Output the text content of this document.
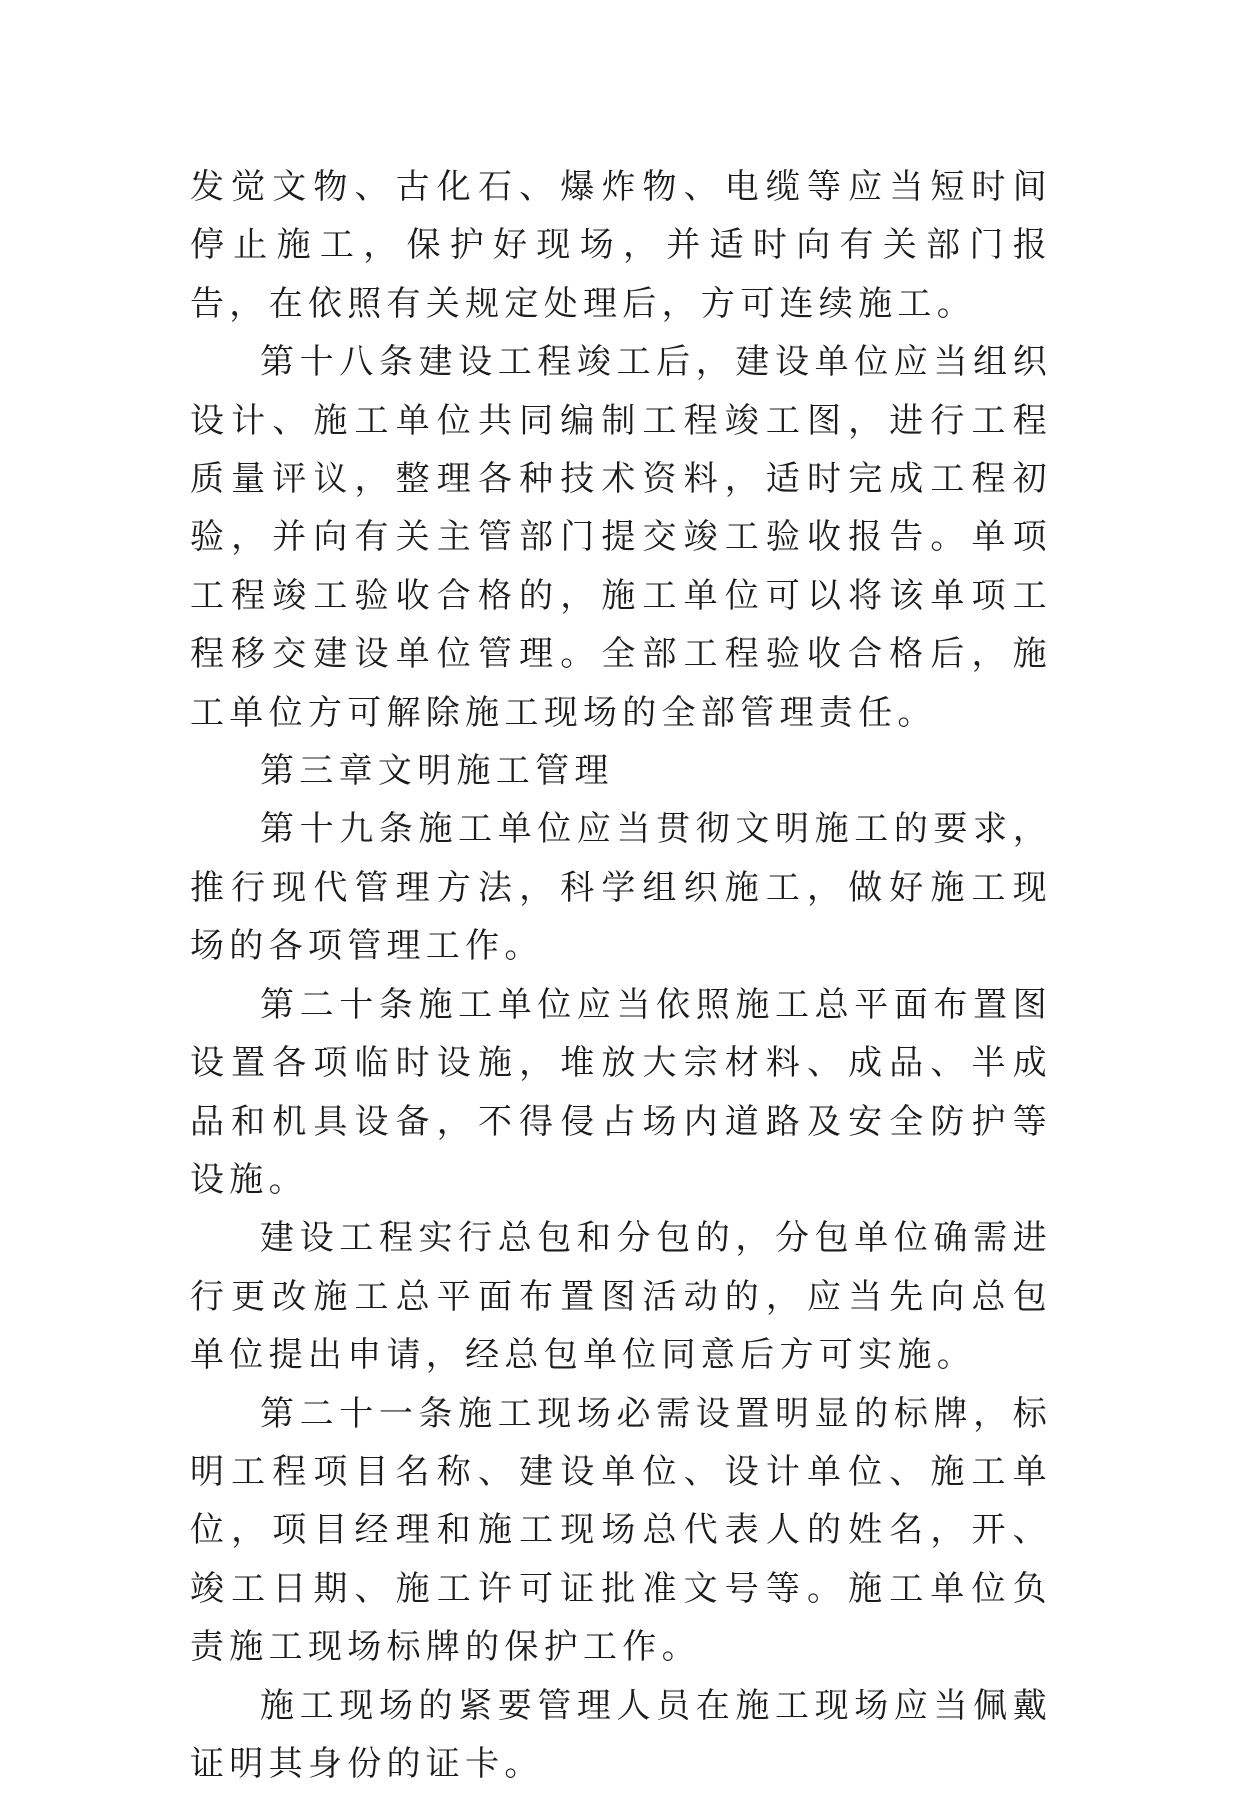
发觉文物、古化石、爆炸物、电缆等应当短时间停止施工，保护好现场，并适时向有关部门报告，在依照有关规定处理后，方可连续施工。

第十八条建设工程竣工后，建设单位应当组织设计、施工单位共同编制工程竣工图，进行工程质量评议，整理各种技术资料，适时完成工程初验，并向有关主管部门提交竣工验收报告。单项工程竣工验收合格的，施工单位可以将该单项工程移交建设单位管理。全部工程验收合格后，施工单位方可解除施工现场的全部管理责任。

第三章文明施工管理

第十九条施工单位应当贯彻文明施工的要求，推行现代管理方法，科学组织施工，做好施工现场的各项管理工作。

第二十条施工单位应当依照施工总平面布置图设置各项临时设施，堆放大宗材料、成品、半成品和机具设备，不得侵占场内道路及安全防护等设施。

建设工程实行总包和分包的，分包单位确需进行更改施工总平面布置图活动的，应当先向总包单位提出申请，经总包单位同意后方可实施。

第二十一条施工现场必需设置明显的标牌，标明工程项目名称、建设单位、设计单位、施工单位，项目经理和施工现场总代表人的姓名，开、竣工日期、施工许可证批准文号等。施工单位负责施工现场标牌的保护工作。

施工现场的紧要管理人员在施工现场应当佩戴证明其身份的证卡。
